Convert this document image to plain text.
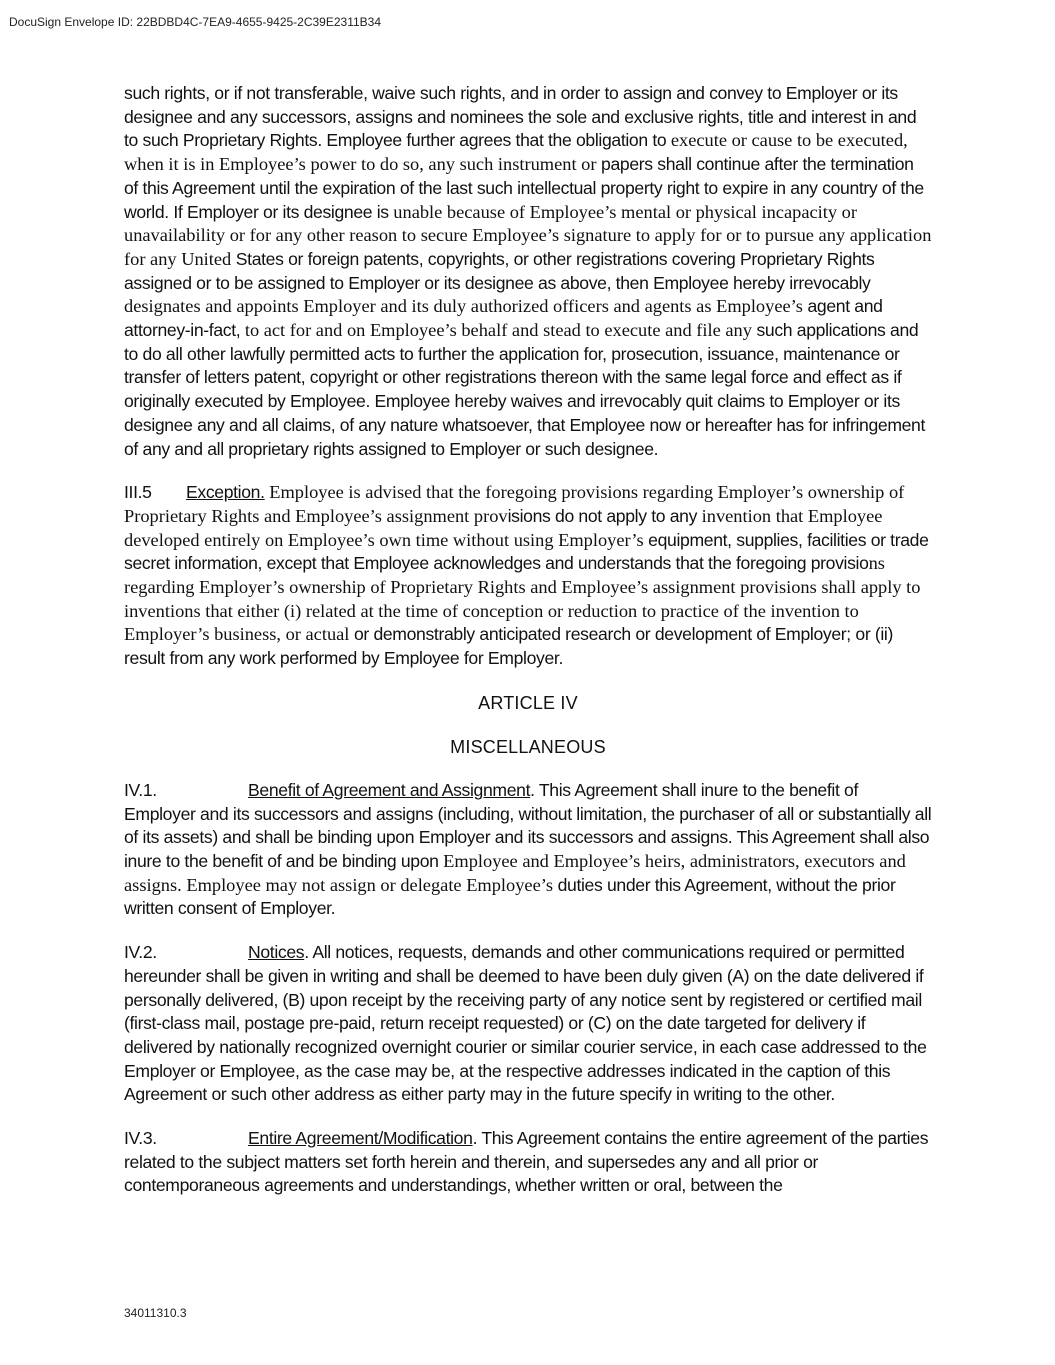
DocuSign Envelope ID: 22BDBD4C-7EA9-4655-9425-2C39E2311B34

such rights, or if not transferable, waive such rights, and in order to assign and convey to Employer or its designee and any successors, assigns and nominees the sole and exclusive rights, title and interest in and to such Proprietary Rights. Employee further agrees that the obligation to execute or cause to be executed, when it is in Employee’s power to do so, any such instrument or papers shall continue after the termination of this Agreement until the expiration of the last such intellectual property right to expire in any country of the world. If Employer or its designee is unable because of Employee’s mental or physical incapacity or unavailability or for any other reason to secure Employee’s signature to apply for or to pursue any application for any United States or foreign patents, copyrights, or other registrations covering Proprietary Rights assigned or to be assigned to Employer or its designee as above, then Employee hereby irrevocably designates and appoints Employer and its duly authorized officers and agents as Employee’s agent and attorney-in-fact, to act for and on Employee’s behalf and stead to execute and file any such applications and to do all other lawfully permitted acts to further the application for, prosecution, issuance, maintenance or transfer of letters patent, copyright or other registrations thereon with the same legal force and effect as if originally executed by Employee. Employee hereby waives and irrevocably quit claims to Employer or its designee any and all claims, of any nature whatsoever, that Employee now or hereafter has for infringement of any and all proprietary rights assigned to Employer or such designee.

III.5 Exception. Employee is advised that the foregoing provisions regarding Employer’s ownership of Proprietary Rights and Employee’s assignment provisions do not apply to any invention that Employee developed entirely on Employee’s own time without using Employer’s equipment, supplies, facilities or trade secret information, except that Employee acknowledges and understands that the foregoing provisions regarding Employer’s ownership of Proprietary Rights and Employee’s assignment provisions shall apply to inventions that either (i) related at the time of conception or reduction to practice of the invention to Employer’s business, or actual or demonstrably anticipated research or development of Employer; or (ii) result from any work performed by Employee for Employer.

ARTICLE IV
MISCELLANEOUS

IV.1.	Benefit of Agreement and Assignment. This Agreement shall inure to the benefit of Employer and its successors and assigns (including, without limitation, the purchaser of all or substantially all of its assets) and shall be binding upon Employer and its successors and assigns. This Agreement shall also inure to the benefit of and be binding upon Employee and Employee’s heirs, administrators, executors and assigns. Employee may not assign or delegate Employee’s duties under this Agreement, without the prior written consent of Employer.

IV.2.	Notices. All notices, requests, demands and other communications required or permitted hereunder shall be given in writing and shall be deemed to have been duly given (A) on the date delivered if personally delivered, (B) upon receipt by the receiving party of any notice sent by registered or certified mail (first-class mail, postage pre-paid, return receipt requested) or (C) on the date targeted for delivery if delivered by nationally recognized overnight courier or similar courier service, in each case addressed to the Employer or Employee, as the case may be, at the respective addresses indicated in the caption of this Agreement or such other address as either party may in the future specify in writing to the other.

IV.3.	Entire Agreement/Modification. This Agreement contains the entire agreement of the parties related to the subject matters set forth herein and therein, and supersedes any and all prior or contemporaneous agreements and understandings, whether written or oral, between the

34011310.3
